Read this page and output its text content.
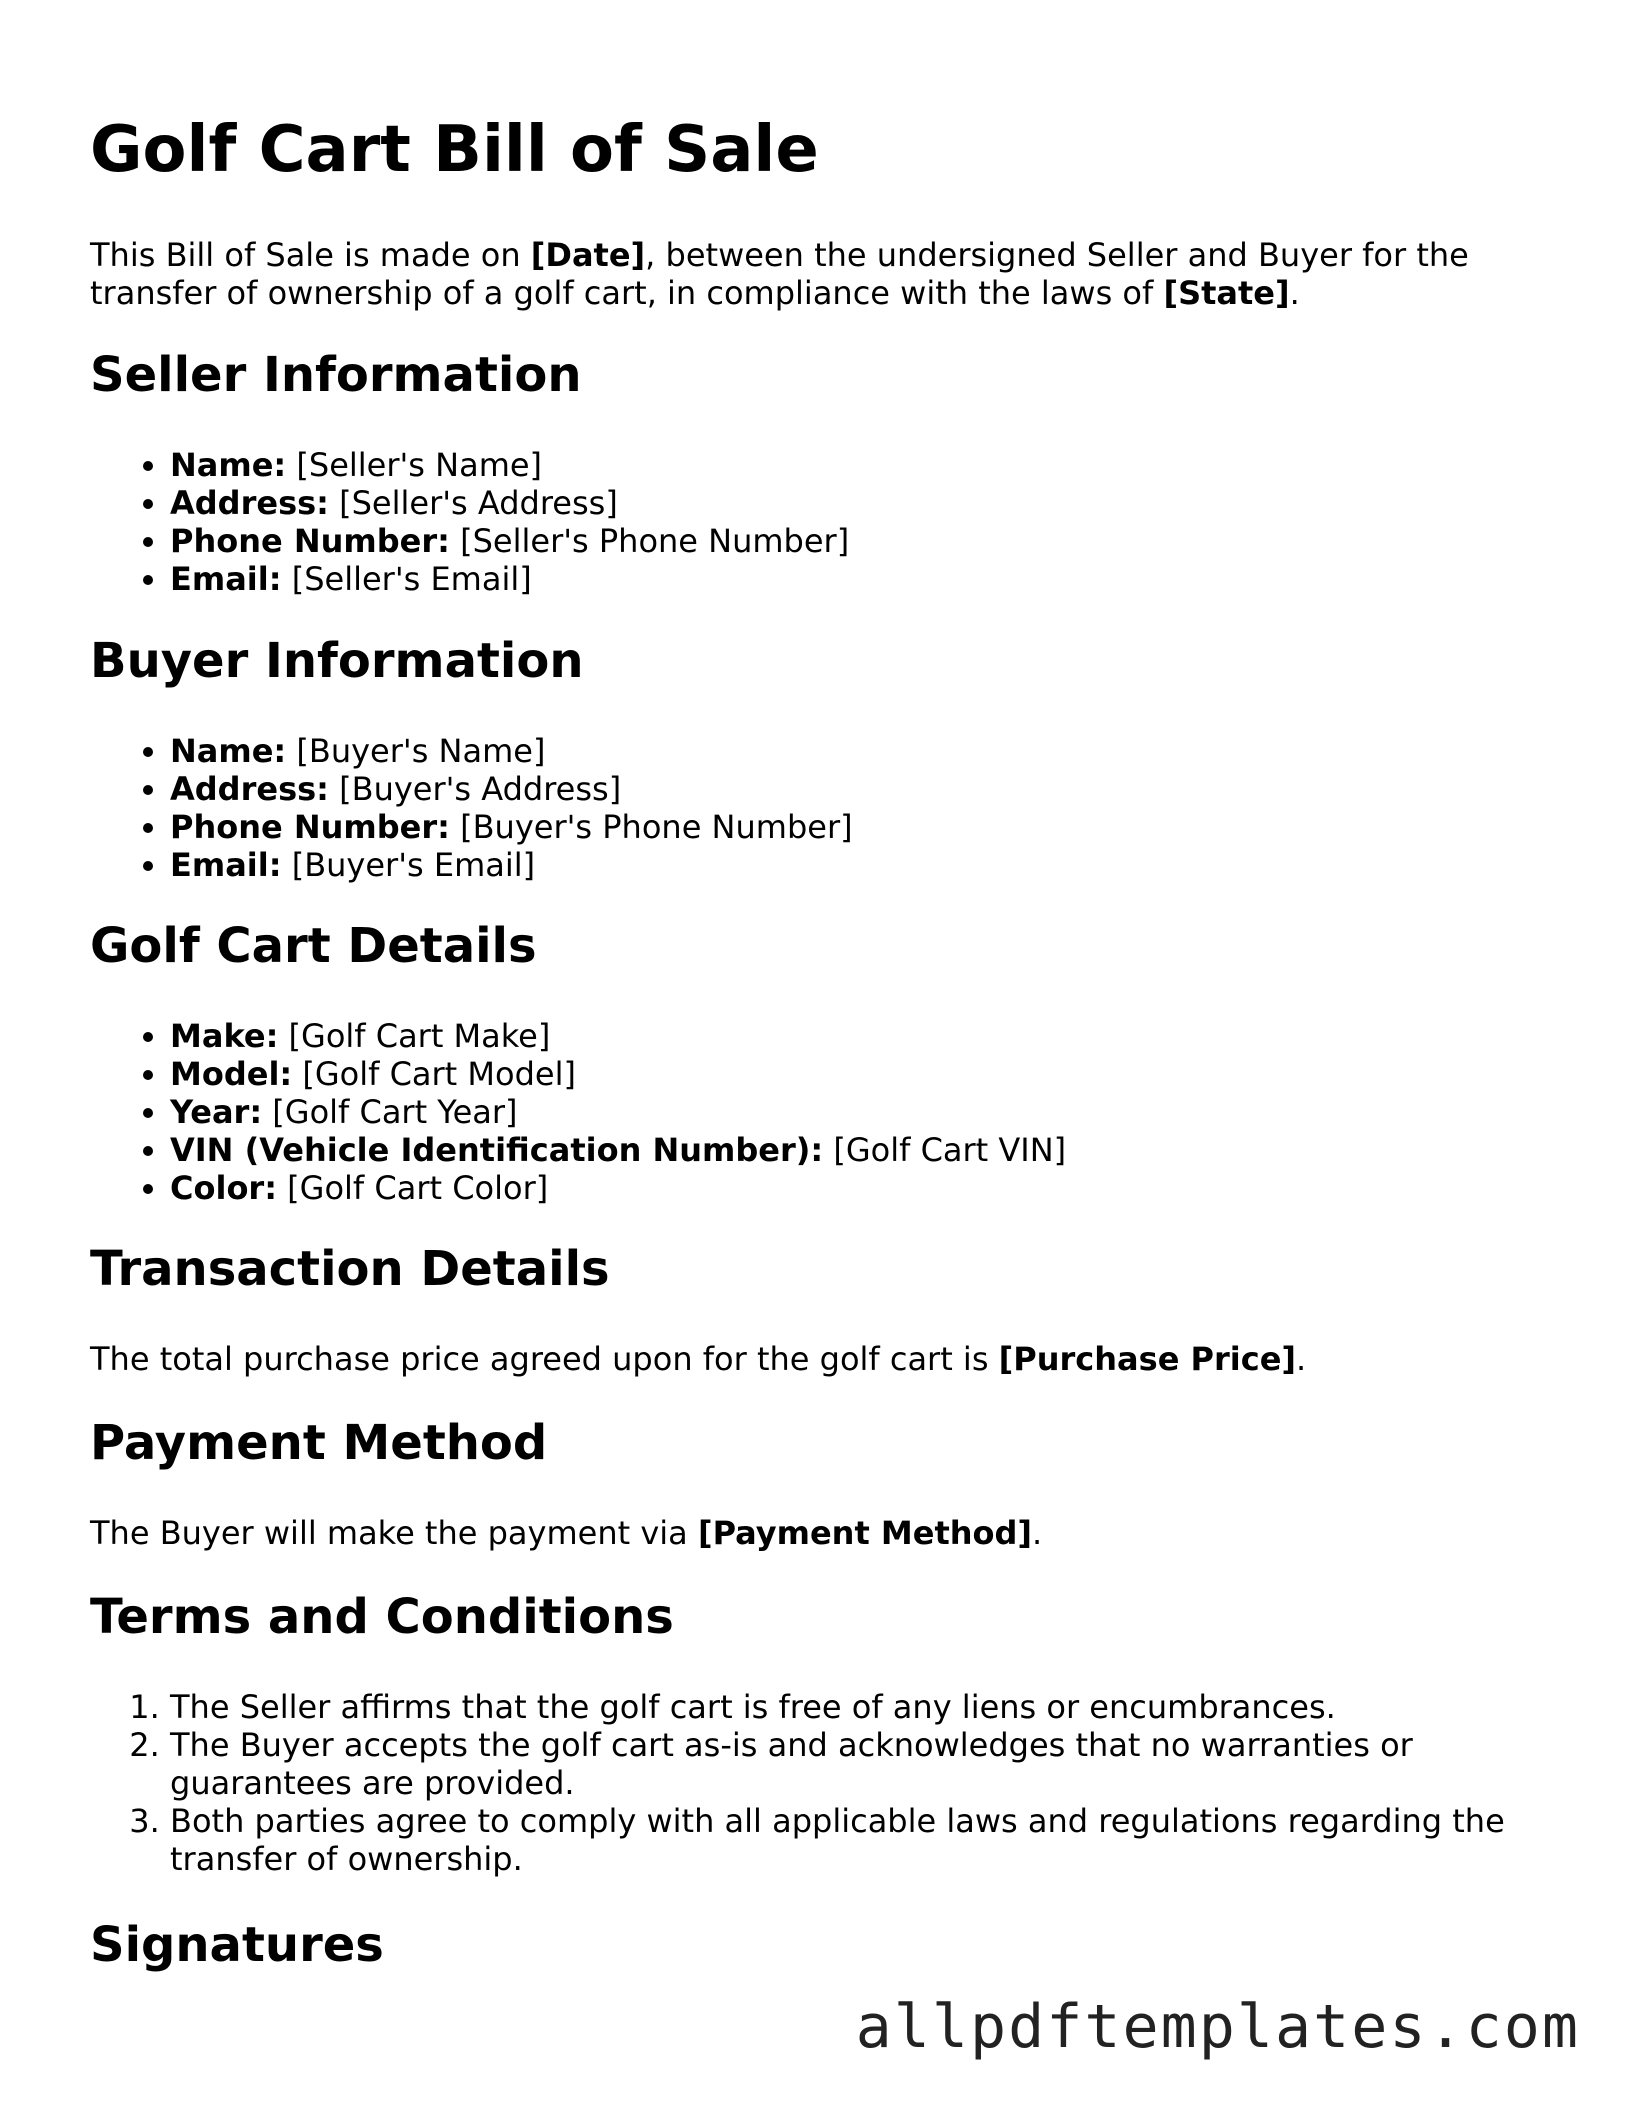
Golf Cart Bill of Sale

This Bill of Sale is made on [Date], between the undersigned Seller and Buyer for the transfer of ownership of a golf cart, in compliance with the laws of [State].

Seller Information
• Name: [Seller's Name]
• Address: [Seller's Address]
• Phone Number: [Seller's Phone Number]
• Email: [Seller's Email]
Buyer Information
• Name: [Buyer's Name]
• Address: [Buyer's Address]
• Phone Number: [Buyer's Phone Number]
• Email: [Buyer's Email]
Golf Cart Details
• Make: [Golf Cart Make]
• Model: [Golf Cart Model]
• Year: [Golf Cart Year]
• VIN (Vehicle Identification Number): [Golf Cart VIN]
• Color: [Golf Cart Color]
Transaction Details

The total purchase price agreed upon for the golf cart is [Purchase Price].

Payment Method

The Buyer will make the payment via [Payment Method].

Terms and Conditions
1. The Seller affirms that the golf cart is free of any liens or encumbrances.
2. The Buyer accepts the golf cart as-is and acknowledges that no warranties or guarantees are provided.
3. Both parties agree to comply with all applicable laws and regulations regarding the transfer of ownership.
Signatures
allpdftemplates.com
